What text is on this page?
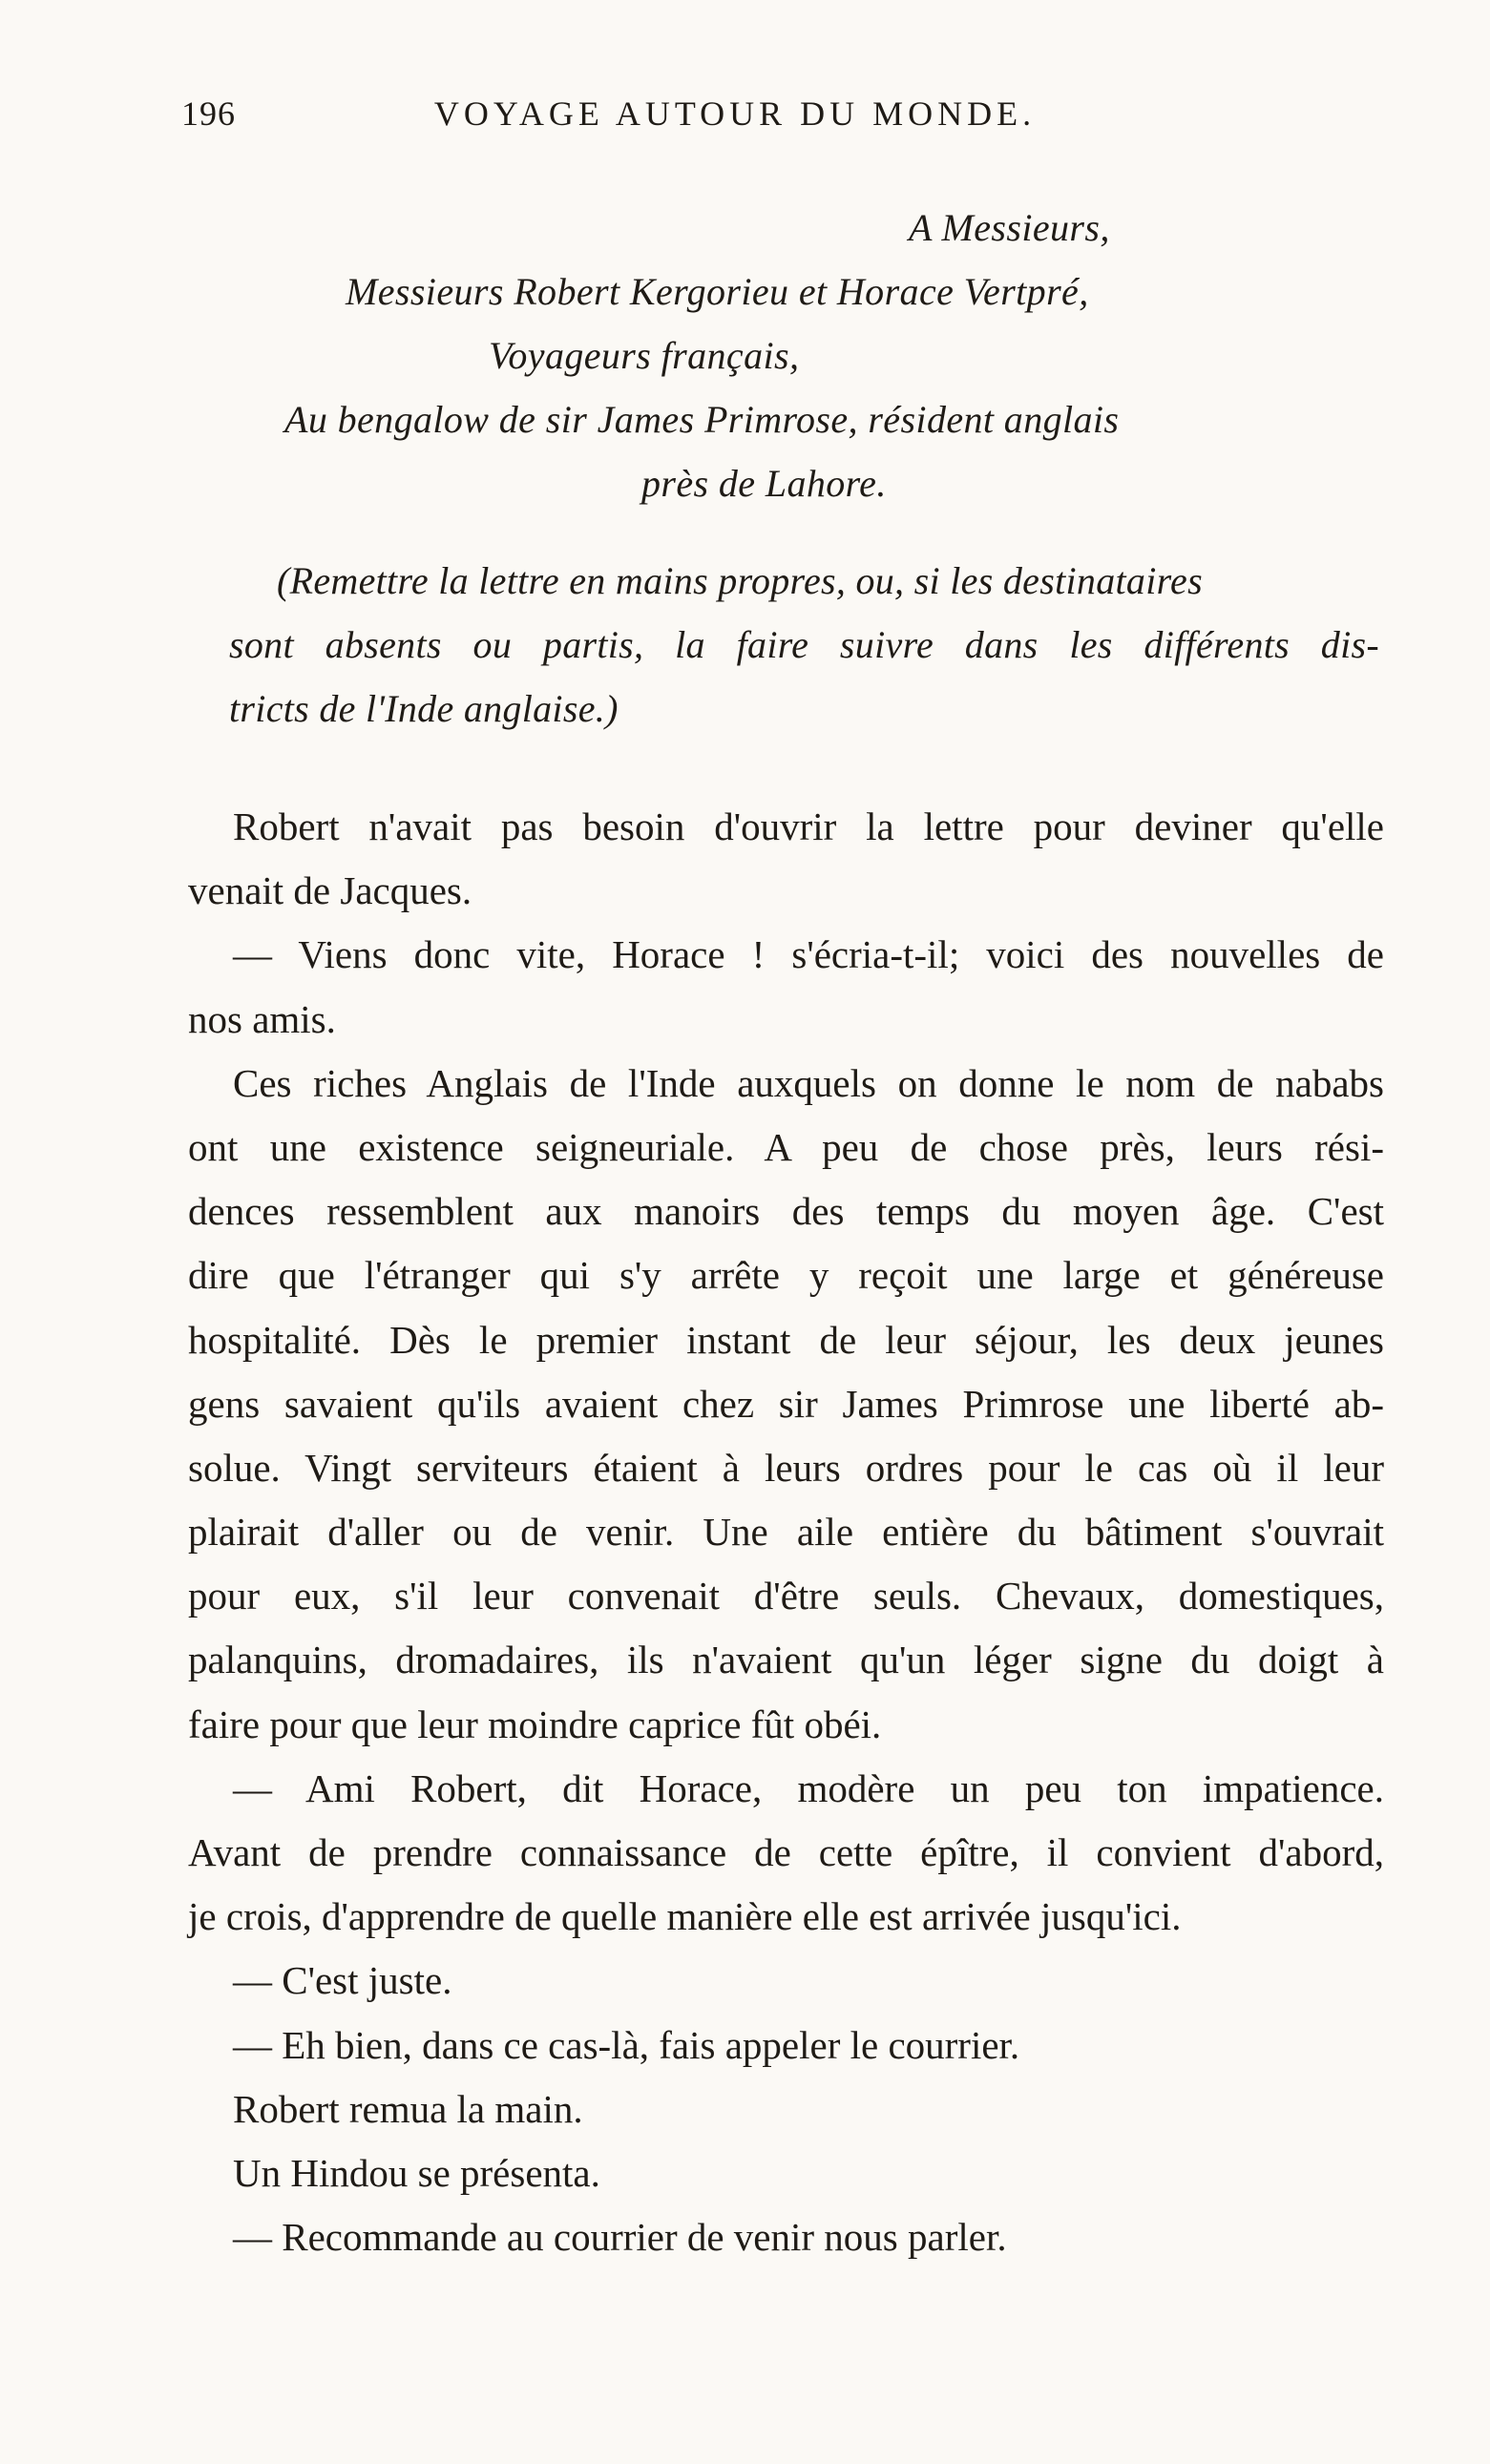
196	VOYAGE AUTOUR DU MONDE.
A Messieurs,
Messieurs Robert Kergorieu et Horace Vertpré,
Voyageurs français,
Au bengalow de sir James Primrose, résident anglais
près de Lahore.
(Remettre la lettre en mains propres, ou, si les destinataires
sont absents ou partis, la faire suivre dans les différents dis-
tricts de l'Inde anglaise.)
Robert n'avait pas besoin d'ouvrir la lettre pour deviner qu'elle
venait de Jacques.
— Viens donc vite, Horace ! s'écria-t-il; voici des nouvelles de
nos amis.
Ces riches Anglais de l'Inde auxquels on donne le nom de nababs
ont une existence seigneuriale. A peu de chose près, leurs rési-
dences ressemblent aux manoirs des temps du moyen âge. C'est
dire que l'étranger qui s'y arrête y reçoit une large et généreuse
hospitalité. Dès le premier instant de leur séjour, les deux jeunes
gens savaient qu'ils avaient chez sir James Primrose une liberté ab-
solue. Vingt serviteurs étaient à leurs ordres pour le cas où il leur
plairait d'aller ou de venir. Une aile entière du bâtiment s'ouvrait
pour eux, s'il leur convenait d'être seuls. Chevaux, domestiques,
palanquins, dromadaires, ils n'avaient qu'un léger signe du doigt à
faire pour que leur moindre caprice fût obéi.
— Ami Robert, dit Horace, modère un peu ton impatience.
Avant de prendre connaissance de cette épître, il convient d'abord,
je crois, d'apprendre de quelle manière elle est arrivée jusqu'ici.
— C'est juste.
— Eh bien, dans ce cas-là, fais appeler le courrier.
Robert remua la main.
Un Hindou se présenta.
— Recommande au courrier de venir nous parler.
